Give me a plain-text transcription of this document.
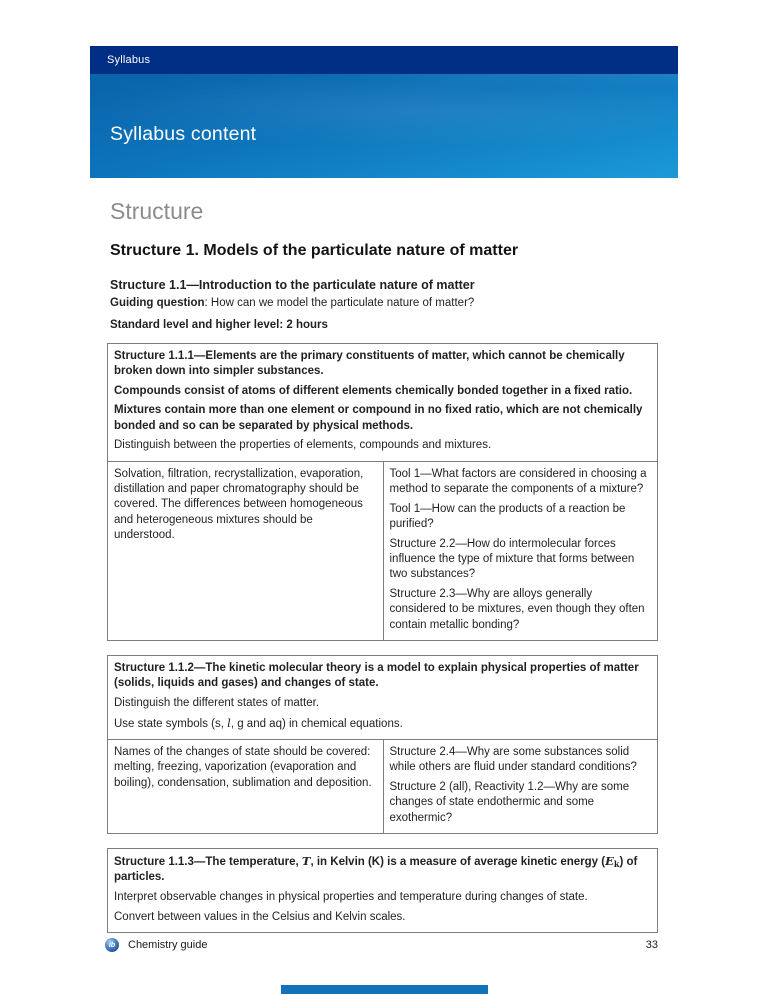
Syllabus
Syllabus content
Structure
Structure 1. Models of the particulate nature of matter
Structure 1.1—Introduction to the particulate nature of matter

Guiding question: How can we model the particulate nature of matter?

Standard level and higher level: 2 hours

Structure 1.1.1—Elements are the primary constituents of matter, which cannot be chemically broken down into simpler substances.

Compounds consist of atoms of different elements chemically bonded together in a fixed ratio.

Mixtures contain more than one element or compound in no fixed ratio, which are not chemically bonded and so can be separated by physical methods.

Distinguish between the properties of elements, compounds and mixtures.

Solvation, filtration, recrystallization, evaporation, distillation and paper chromatography should be covered. The differences between homogeneous and heterogeneous mixtures should be understood.

Tool 1—What factors are considered in choosing a method to separate the components of a mixture?

Tool 1—How can the products of a reaction be purified?

Structure 2.2—How do intermolecular forces influence the type of mixture that forms between two substances?

Structure 2.3—Why are alloys generally considered to be mixtures, even though they often contain metallic bonding?

Structure 1.1.2—The kinetic molecular theory is a model to explain physical properties of matter (solids, liquids and gases) and changes of state.

Distinguish the different states of matter.

Use state symbols (s, l, g and aq) in chemical equations.

Names of the changes of state should be covered: melting, freezing, vaporization (evaporation and boiling), condensation, sublimation and deposition.

Structure 2.4—Why are some substances solid while others are fluid under standard conditions?

Structure 2 (all), Reactivity 1.2—Why are some changes of state endothermic and some exothermic?

Structure 1.1.3—The temperature, T, in Kelvin (K) is a measure of average kinetic energy (Ek) of particles.

Interpret observable changes in physical properties and temperature during changes of state.

Convert between values in the Celsius and Kelvin scales.

ib	Chemistry guide	33
